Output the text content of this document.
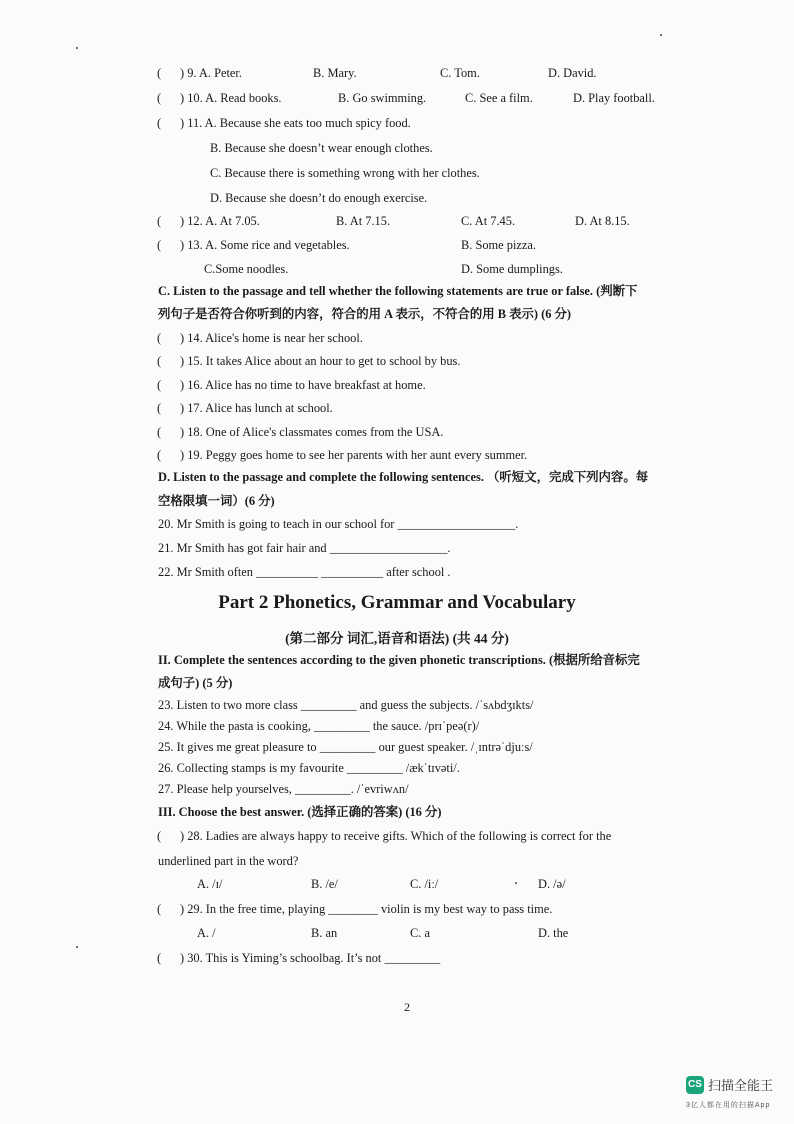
( ) 9. A. Peter.	B. Mary.	C. Tom.	D. David.
( ) 10. A. Read books.	B. Go swimming.	C. See a film.	D. Play football.
( ) 11. A. Because she eats too much spicy food.
B. Because she doesn’t wear enough clothes.
C. Because there is something wrong with her clothes.
D. Because she doesn’t do enough exercise.
( ) 12. A. At 7.05.	B. At 7.15.	C. At 7.45.	D. At 8.15.
( ) 13. A. Some rice and vegetables.	B. Some pizza.
C.Some noodles.	D. Some dumplings.
C. Listen to the passage and tell whether the following statements are true or false. (判断下
列句子是否符合你听到的内容，符合的用 A 表示，不符合的用 B 表示) (6 分)
( ) 14. Alice's home is near her school.
( ) 15. It takes Alice about an hour to get to school by bus.
( ) 16. Alice has no time to have breakfast at home.
( ) 17. Alice has lunch at school.
( ) 18. One of Alice's classmates comes from the USA.
( ) 19. Peggy goes home to see her parents with her aunt every summer.
D. Listen to the passage and complete the following sentences. （听短文，完成下列内容。每
空格限填一词）(6 分)
20. Mr Smith is going to teach in our school for ___________________.
21. Mr Smith has got fair hair and ___________________.
22. Mr Smith often __________ __________ after school .
Part 2 Phonetics, Grammar and Vocabulary
(第二部分 词汇,语音和语法) (共 44 分)
II. Complete the sentences according to the given phonetic transcriptions. (根据所给音标完
成句子) (5 分)
23. Listen to two more class _________ and guess the subjects. /ˈsʌbdʒɪkts/
24. While the pasta is cooking, _________ the sauce. /prɪˈpeə(r)/
25. It gives me great pleasure to _________ our guest speaker. /ˌɪntrəˈdjuːs/
26. Collecting stamps is my favourite _________ /ækˈtɪvəti/.
27. Please help yourselves, _________. /ˈevriwʌn/
III. Choose the best answer. (选择正确的答案) (16 分)
( ) 28. Ladies are always happy to receive gifts. Which of the following is correct for the
underlined part in the word?
A. /ɪ/	B. /e/	C. /iː/	D. /ə/
( ) 29. In the free time, playing ________ violin is my best way to pass time.
A. /	B. an	C. a	D. the
( ) 30. This is Yiming’s schoolbag. It’s not _________
2
CS 扫描全能王
3亿人都在用的扫描App
